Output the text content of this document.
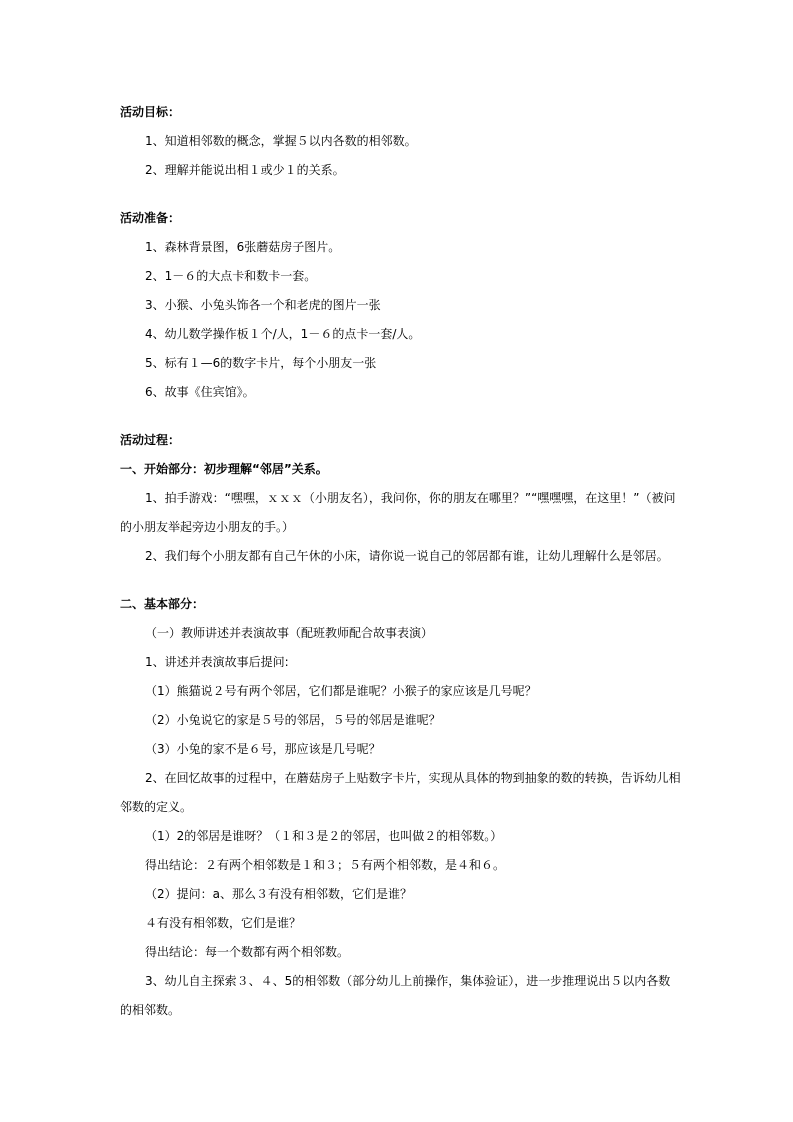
活动目标：
1、知道相邻数的概念，掌握５以内各数的相邻数。
2、理解并能说出相１或少１的关系。
活动准备：
1、森林背景图，6张蘑菇房子图片。
2、1－６的大点卡和数卡一套。
3、小猴、小兔头饰各一个和老虎的图片一张
4、幼儿数学操作板１个/人，1－６的点卡一套/人。
5、标有１—6的数字卡片，每个小朋友一张
6、故事《住宾馆》。
活动过程：
一、开始部分：初步理解“邻居”关系。
1、拍手游戏：“嘿嘿，ｘｘｘ（小朋友名），我问你，你的朋友在哪里？”“嘿嘿嘿，在这里！”（被问
的小朋友举起旁边小朋友的手。）
2、我们每个小朋友都有自己午休的小床，请你说一说自己的邻居都有谁，让幼儿理解什么是邻居。
二、基本部分：
（一）教师讲述并表演故事（配班教师配合故事表演）
1、讲述并表演故事后提问:
（1）熊猫说２号有两个邻居，它们都是谁呢？小猴子的家应该是几号呢？
（2）小兔说它的家是５号的邻居，５号的邻居是谁呢？
（3）小兔的家不是６号，那应该是几号呢？
2、在回忆故事的过程中，在蘑菇房子上贴数字卡片，实现从具体的物到抽象的数的转换，告诉幼儿相
邻数的定义。
（1）2的邻居是谁呀？（１和３是２的邻居，也叫做２的相邻数。）
得出结论：２有两个相邻数是１和３；５有两个相邻数，是４和６。
（2）提问：a、那么３有没有相邻数，它们是谁？
４有没有相邻数，它们是谁？
得出结论：每一个数都有两个相邻数。
3、幼儿自主探索３、４、5的相邻数（部分幼儿上前操作，集体验证），进一步推理说出５以内各数
的相邻数。
